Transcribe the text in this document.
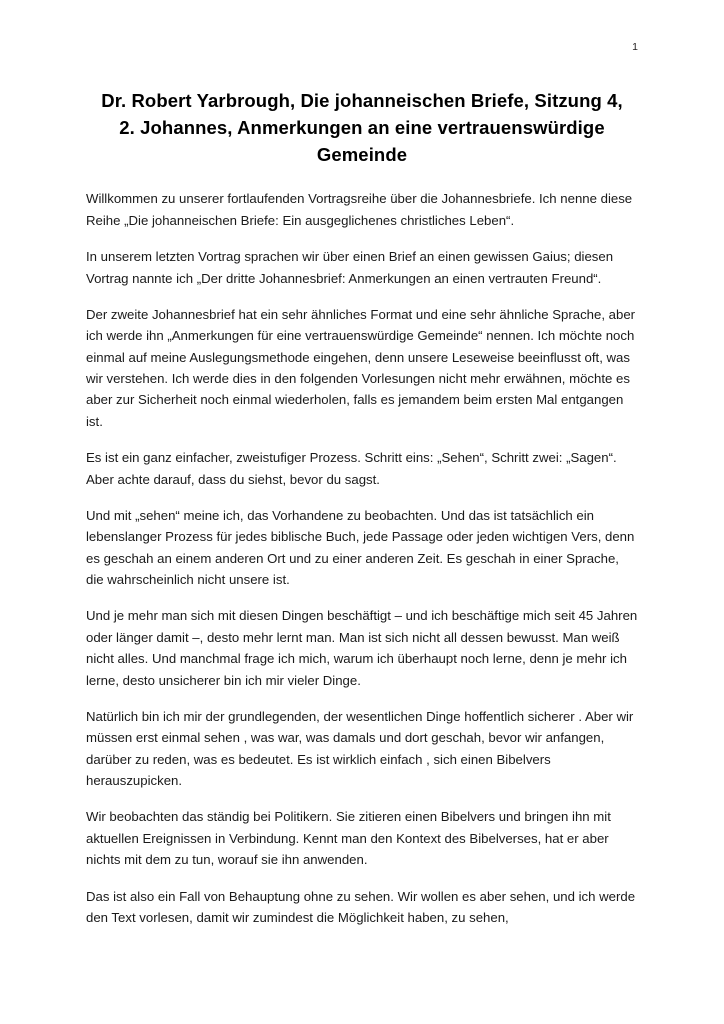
1
Dr. Robert Yarbrough, Die johanneischen Briefe, Sitzung 4, 2. Johannes, Anmerkungen an eine vertrauenswürdige Gemeinde

Willkommen zu unserer fortlaufenden Vortragsreihe über die Johannesbriefe. Ich nenne diese Reihe „Die johanneischen Briefe: Ein ausgeglichenes christliches Leben“.

In unserem letzten Vortrag sprachen wir über einen Brief an einen gewissen Gaius; diesen Vortrag nannte ich „Der dritte Johannesbrief: Anmerkungen an einen vertrauten Freund“.

Der zweite Johannesbrief hat ein sehr ähnliches Format und eine sehr ähnliche Sprache, aber ich werde ihn „Anmerkungen für eine vertrauenswürdige Gemeinde“ nennen. Ich möchte noch einmal auf meine Auslegungsmethode eingehen, denn unsere Leseweise beeinflusst oft, was wir verstehen. Ich werde dies in den folgenden Vorlesungen nicht mehr erwähnen, möchte es aber zur Sicherheit noch einmal wiederholen, falls es jemandem beim ersten Mal entgangen ist.

Es ist ein ganz einfacher, zweistufiger Prozess. Schritt eins: „Sehen“, Schritt zwei: „Sagen“. Aber achte darauf, dass du siehst, bevor du sagst.

Und mit „sehen“ meine ich, das Vorhandene zu beobachten. Und das ist tatsächlich ein lebenslanger Prozess für jedes biblische Buch, jede Passage oder jeden wichtigen Vers, denn es geschah an einem anderen Ort und zu einer anderen Zeit. Es geschah in einer Sprache, die wahrscheinlich nicht unsere ist.

Und je mehr man sich mit diesen Dingen beschäftigt – und ich beschäftige mich seit 45 Jahren oder länger damit –, desto mehr lernt man. Man ist sich nicht all dessen bewusst. Man weiß nicht alles. Und manchmal frage ich mich, warum ich überhaupt noch lerne, denn je mehr ich lerne, desto unsicherer bin ich mir vieler Dinge.

Natürlich bin ich mir der grundlegenden, der wesentlichen Dinge hoffentlich sicherer . Aber wir müssen erst einmal sehen , was war, was damals und dort geschah, bevor wir anfangen, darüber zu reden, was es bedeutet. Es ist wirklich einfach , sich einen Bibelvers herauszupicken.

Wir beobachten das ständig bei Politikern. Sie zitieren einen Bibelvers und bringen ihn mit aktuellen Ereignissen in Verbindung. Kennt man den Kontext des Bibelverses, hat er aber nichts mit dem zu tun, worauf sie ihn anwenden.

Das ist also ein Fall von Behauptung ohne zu sehen. Wir wollen es aber sehen, und ich werde den Text vorlesen, damit wir zumindest die Möglichkeit haben, zu sehen,
